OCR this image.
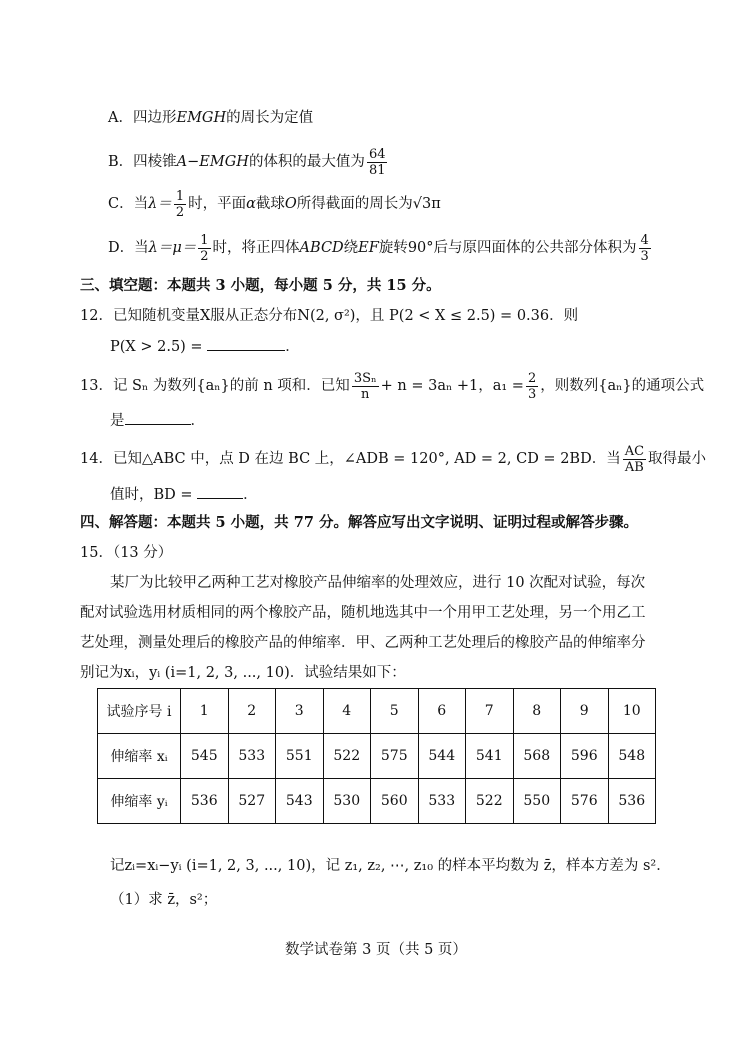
A．四边形EMGH的周长为定值
B．四棱锥A−EMGH的体积的最大值为 $\frac{64}{81}$
C．当$\lambda= \frac{1}{2}$ 时，平面α截球O所得截面的周长为√3π
D．当$\lambda=\mu= \frac{1}{2}$ 时，将正四体ABCD绕EF旋转90°后与原四面体的公共部分体积为 $\frac{4}{3}$
三、填空题：本题共 3 小题，每小题 5 分，共 15 分。
12．已知随机变量X服从正态分布N(2, σ²)，且 P(2 < X ≤ 2.5) = 0.36．则
P(X > 2.5) =	．
13．记 Sₙ 为数列{aₙ}的前 n 项和．已知 $\frac{\text{3Sₙ}}{n} + n = 3a_n +1$，$a_1 = \frac{2}{3}$ ，则数列{aₙ}的通项公式
是	．
14．已知△ABC 中，点 D 在边 BC 上，∠ADB = 120°, AD = 2, CD = 2BD．当 $\frac{AC}{AB}$ 取得最小
值时，BD =	．
四、解答题：本题共 5 小题，共 77 分。解答应写出文字说明、证明过程或解答步骤。
15．（13 分）
某厂为比较甲乙两种工艺对橡胶产品伸缩率的处理效应，进行 10 次配对试验，每次
配对试验选用材质相同的两个橡胶产品，随机地选其中一个用甲工艺处理，另一个用乙工
艺处理，测量处理后的橡胶产品的伸缩率．甲、乙两种工艺处理后的橡胶产品的伸缩率分
别记为xᵢ，yᵢ (i=1, 2, 3, ..., 10)．试验结果如下：
试验序号 i	1	2	3	4	5	6	7	8	9	10
伸缩率 xᵢ	545	533	551	522	575	544	541	568	596	548
伸缩率 yᵢ	536	527	543	530	560	533	522	550	576	536
记zᵢ=xᵢ−yᵢ (i=1, 2, 3, ..., 10)，记 z₁, z₂, ⋯, z₁₀ 的样本平均数为 z̄，样本方差为 s²．
（1）求 z̄，s²；
数学试卷第 3 页（共 5 页）
